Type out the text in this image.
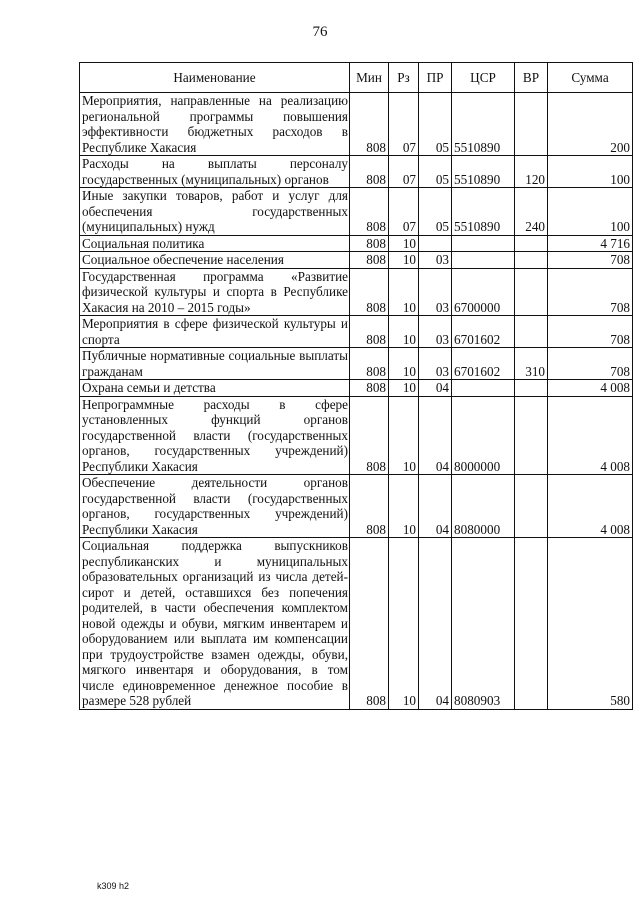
76
Наименование	Мин	Рз	ПР	ЦСР	ВР	Сумма
Мероприятия, направленные на реализацию региональной программы повышения эффективности бюджетных расходов в Республике Хакасия	808	07	05	5510890		200
Расходы на выплаты персоналу государственных (муниципальных) органов	808	07	05	5510890	120	100
Иные закупки товаров, работ и услуг для обеспечения государственных (муниципальных) нужд	808	07	05	5510890	240	100
Социальная политика	808	10				4 716
Социальное обеспечение населения	808	10	03			708
Государственная программа «Развитие физической культуры и спорта в Республике Хакасия на 2010 – 2015 годы»	808	10	03	6700000		708
Мероприятия в сфере физической культуры и спорта	808	10	03	6701602		708
Публичные нормативные социальные выплаты гражданам	808	10	03	6701602	310	708
Охрана семьи и детства	808	10	04			4 008
Непрограммные расходы в сфере установленных функций органов государственной власти (государственных органов, государственных учреждений) Республики Хакасия	808	10	04	8000000		4 008
Обеспечение деятельности органов государственной власти (государственных органов, государственных учреждений) Республики Хакасия	808	10	04	8080000		4 008
Социальная поддержка выпускников республиканских и муниципальных образовательных организаций из числа детей-сирот и детей, оставшихся без попечения родителей, в части обеспечения комплектом новой одежды и обуви, мягким инвентарем и оборудованием или выплата им компенсации при трудоустройстве взамен одежды, обуви, мягкого инвентаря и оборудования, в том числе единовременное денежное пособие в размере 528 рублей	808	10	04	8080903		580
k309 h2
